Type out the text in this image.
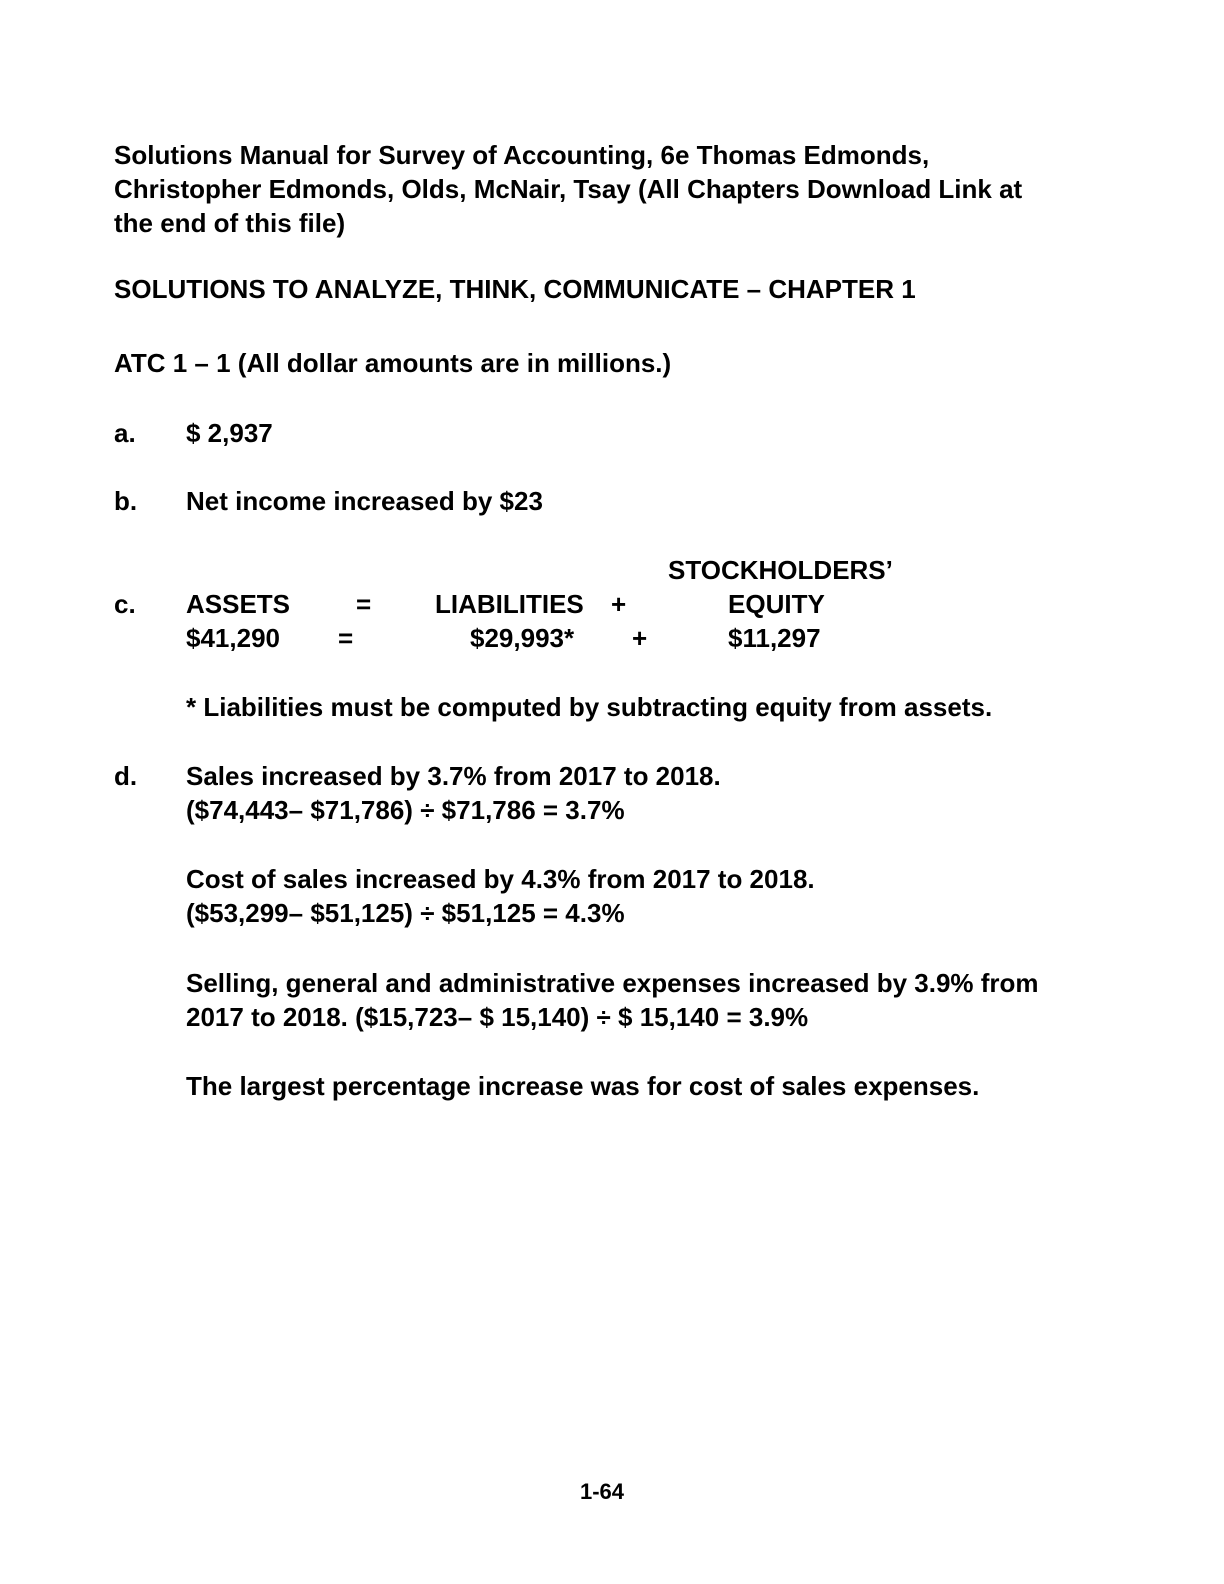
Solutions Manual for Survey of Accounting, 6e Thomas Edmonds,
Christopher Edmonds, Olds, McNair, Tsay (All Chapters Download Link at
the end of this file)
SOLUTIONS TO ANALYZE, THINK, COMMUNICATE – CHAPTER 1
ATC 1 – 1 (All dollar amounts are in millions.)
a. $ 2,937
b. Net income increased by $23
STOCKHOLDERS’
c. ASSETS	= LIABILITIES +	EQUITY
$41,290 =	$29,993* +	$11,297
* Liabilities must be computed by subtracting equity from assets.
d. Sales increased by 3.7% from 2017 to 2018.
($74,443– $71,786) ÷ $71,786 = 3.7%
Cost of sales increased by 4.3% from 2017 to 2018.
($53,299– $51,125) ÷ $51,125 = 4.3%
Selling, general and administrative expenses increased by 3.9% from
2017 to 2018. ($15,723– $ 15,140) ÷ $ 15,140 = 3.9%
The largest percentage increase was for cost of sales expenses.
1-64
